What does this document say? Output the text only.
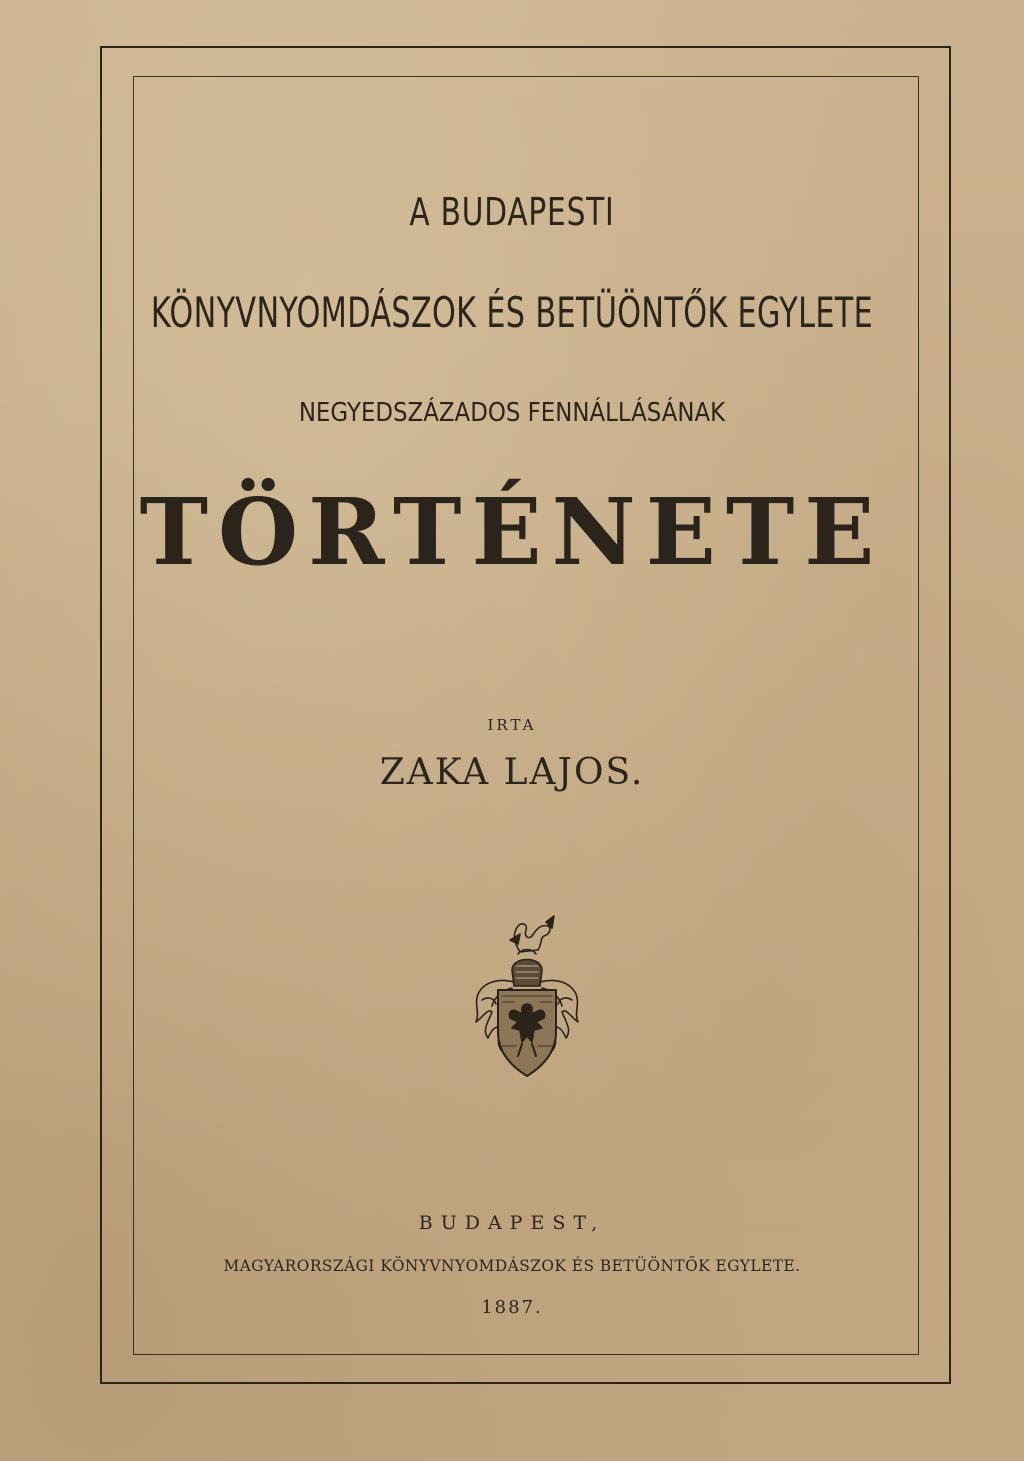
A BUDAPESTI
KÖNYVNYOMDÁSZOK ÉS BETÜÖNTŐK EGYLETE
NEGYEDSZÁZADOS FENNÁLLÁSÁNAK
TÖRTÉNETE
IRTA
ZAKA LAJOS.
BUDAPEST,
MAGYARORSZÁGI KÖNYVNYOMDÁSZOK ÉS BETÜÖNTŐK EGYLETE.
1887.
